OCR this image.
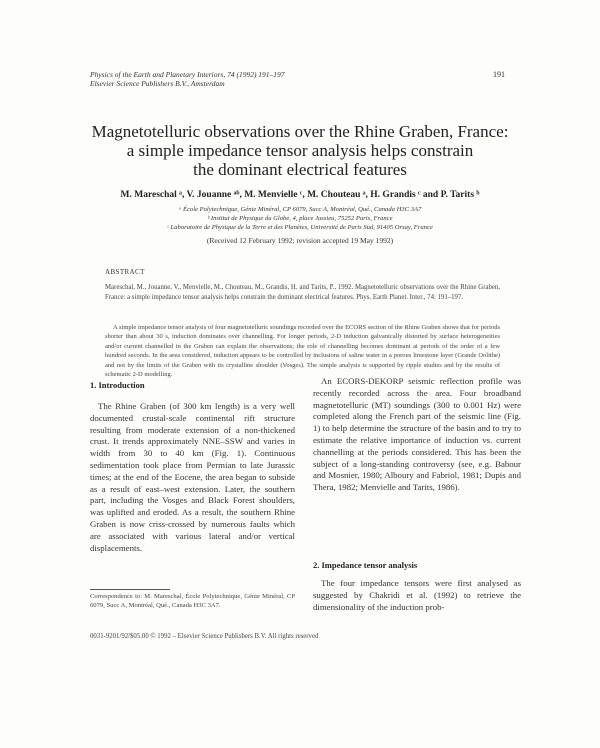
Physics of the Earth and Planetary Interiors, 74 (1992) 191–197
Elsevier Science Publishers B.V., Amsterdam
191
Magnetotelluric observations over the Rhine Graben, France:
a simple impedance tensor analysis helps constrain
the dominant electrical features
M. Mareschal ᵃ, V. Jouanne ᵃᵇ, M. Menvielle ᶜ, M. Chouteau ᵃ, H. Grandis ᶜ and P. Tarits ᵇ
ᵃ École Polytechnique, Génie Minéral, CP 6079, Succ A, Montréal, Qué., Canada H3C 3A7
ᵇ Institut de Physique du Globe, 4, place Jussieu, 75252 Paris, France
ᶜ Laboratoire de Physique de la Terre et des Planètes, Université de Paris Sud, 91405 Orsay, France
(Received 12 February 1992; revision accepted 19 May 1992)
ABSTRACT
Mareschal, M., Jouanne, V., Menvielle, M., Chouteau, M., Grandis, H. and Tarits, P., 1992. Magnetotelluric observations over the Rhine Graben, France: a simple impedance tensor analysis helps constrain the dominant electrical features. Phys. Earth Planet. Inter., 74: 191–197.
A simple impedance tensor analysis of four magnetotelluric soundings recorded over the ECORS section of the Rhine Graben shows that for periods shorter than about 30 s, induction dominates over channelling. For longer periods, 2-D induction galvanically distorted by surface heterogeneities and/or current channelled in the Graben can explain the observations; the role of channelling becomes dominant at periods of the order of a few hundred seconds. In the area considered, induction appears to be controlled by inclusions of saline water in a porous limestone layer (Grande Oolithe) and not by the limits of the Graben with its crystalline shoulder (Vosges). The simple analysis is supported by ripple studies and by the results of schematic 2-D modelling.
1. Introduction
The Rhine Graben (of 300 km length) is a very well documented crustal-scale continental rift structure resulting from moderate extension of a non-thickened crust. It trends approximately NNE–SSW and varies in width from 30 to 40 km (Fig. 1). Continuous sedimentation took place from Permian to late Jurassic times; at the end of the Eocene, the area began to subside as a result of east–west extension. Later, the southern part, including the Vosges and Black Forest shoulders, was uplifted and eroded. As a result, the southern Rhine Graben is now criss-crossed by numerous faults which are associated with various lateral and/or vertical displacements.
An ECORS-DEKORP seismic reflection profile was recently recorded across the area. Four broadband magnetotelluric (MT) soundings (300 to 0.001 Hz) were completed along the French part of the seismic line (Fig. 1) to help determine the structure of the basin and to try to estimate the relative importance of induction vs. current channelling at the periods considered. This has been the subject of a long-standing controversy (see, e.g. Babour and Mosnier, 1980; Alboury and Fabriol, 1981; Dupis and Thera, 1982; Menvielle and Tarits, 1986).
2. Impedance tensor analysis
The four impedance tensors were first analysed as suggested by Chakridi et al. (1992) to retrieve the dimensionality of the induction prob-
Correspondence to: M. Mareschal, École Polytechnique, Génie Minéral, CP 6079, Succ A, Montréal, Qué., Canada H3C 3A7.
0031-9201/92/$05.00 © 1992 – Elsevier Science Publishers B.V. All rights reserved
